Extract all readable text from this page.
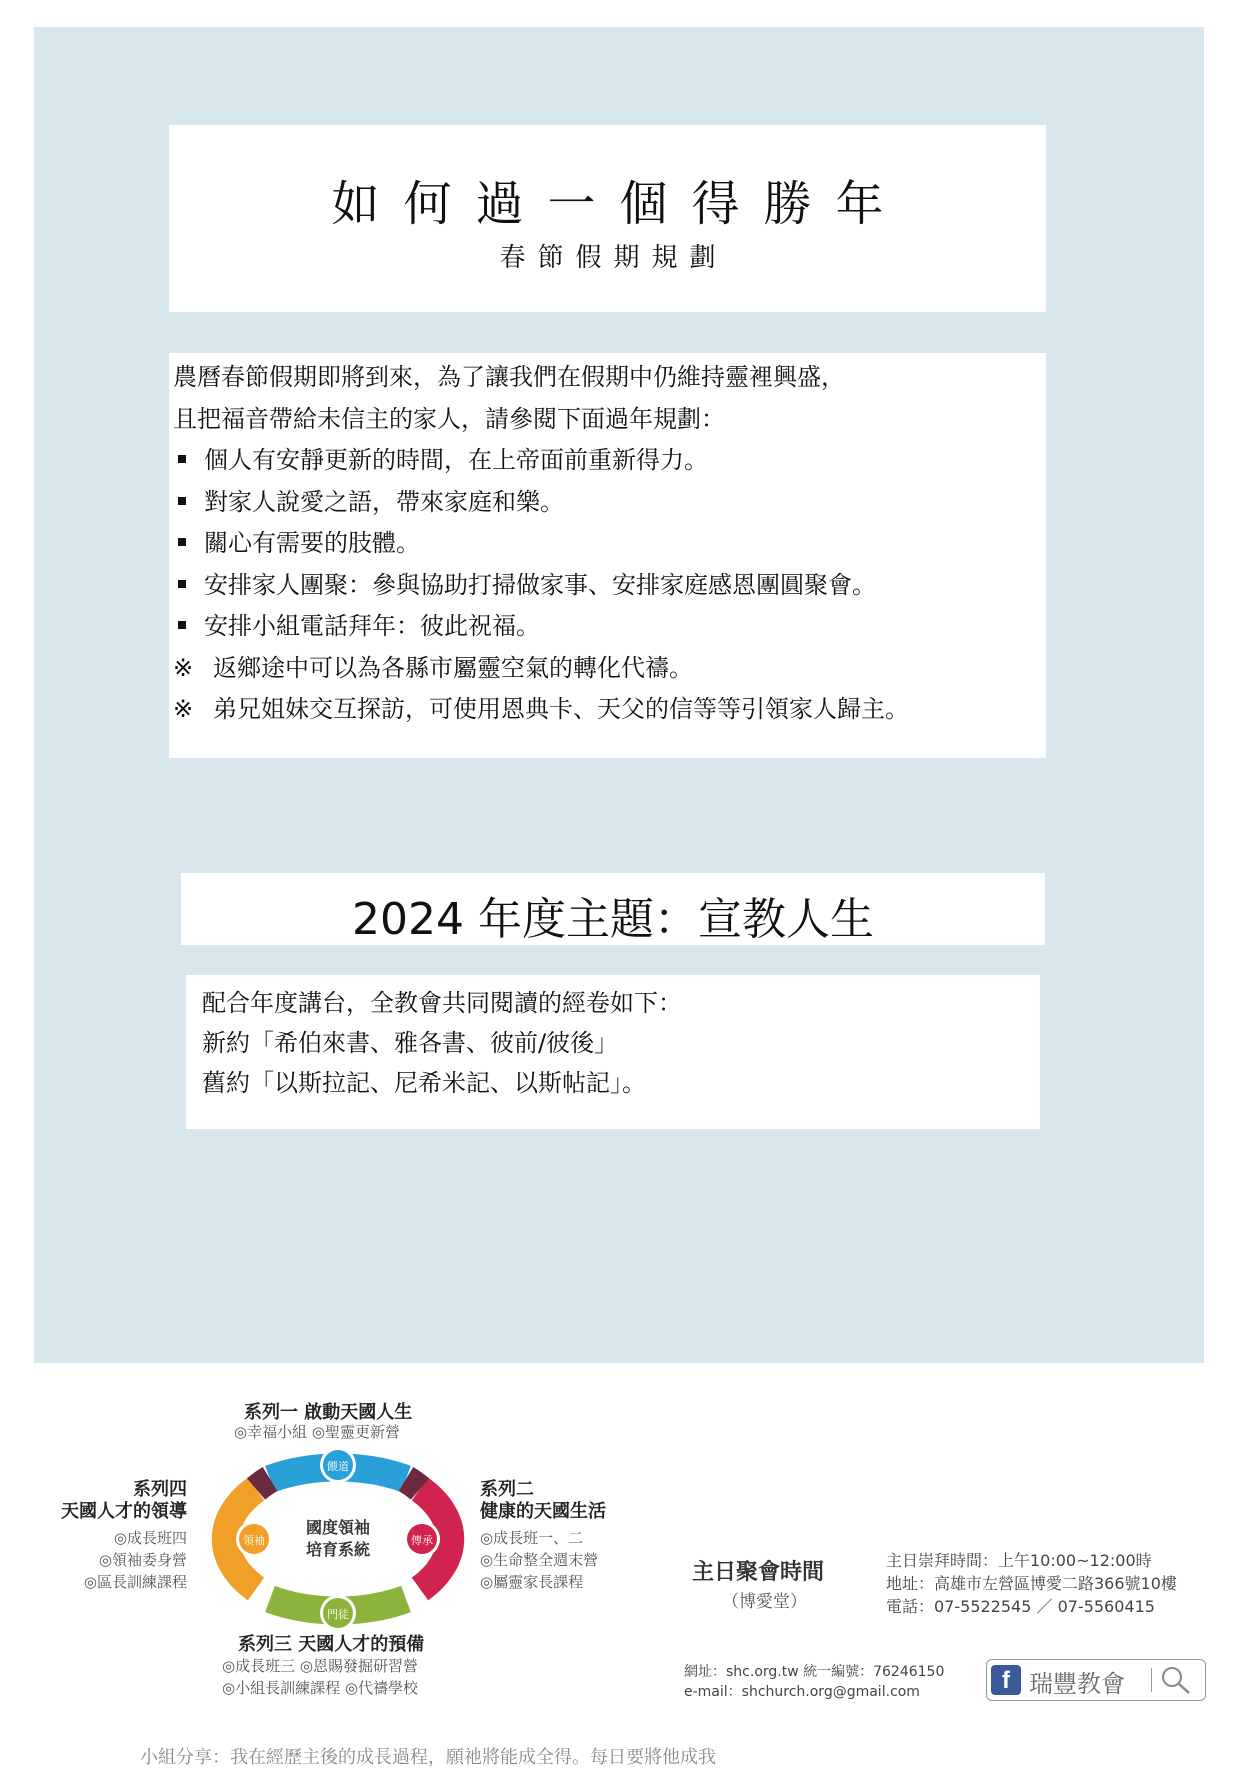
如何過一個得勝年
春節假期規劃
農曆春節假期即將到來，為了讓我們在假期中仍維持靈裡興盛，
且把福音帶給未信主的家人，請參閱下面過年規劃：
個人有安靜更新的時間，在上帝面前重新得力。
對家人說愛之語，帶來家庭和樂。
關心有需要的肢體。
安排家人團聚：參與協助打掃做家事、安排家庭感恩團圓聚會。
安排小組電話拜年：彼此祝福。
※ 返鄉途中可以為各縣市屬靈空氣的轉化代禱。
※ 弟兄姐妹交互探訪，可使用恩典卡、天父的信等等引領家人歸主。
2024 年度主題：宣教人生
配合年度講台，全教會共同閱讀的經卷如下：
新約「希伯來書、雅各書、彼前/彼後」
舊約「以斯拉記、尼希米記、以斯帖記」。
餵道
傳承
門徒
領袖
國度領袖
培育系統
系列一 啟動天國人生
◎幸福小組 ◎聖靈更新營
系列二
健康的天國生活
◎成長班一、二
◎生命整全週末營
◎屬靈家長課程
系列三 天國人才的預備
◎成長班三 ◎恩賜發掘研習營
◎小組長訓練課程 ◎代禱學校
系列四
天國人才的領導
◎成長班四
◎領袖委身營
◎區長訓練課程	主日聚會時間
（博愛堂）
主日崇拜時間：上午10:00~12:00時
地址：高雄市左營區博愛二路366號10樓
電話：07-5522545 ／ 07-5560415
網址：shc.org.tw 統一編號：76246150
e-mail：shchurch.org@gmail.com	f 瑞豐教會
小組分享：我在經歷主後的成長過程，願祂將能成全得。每日要將他成我
